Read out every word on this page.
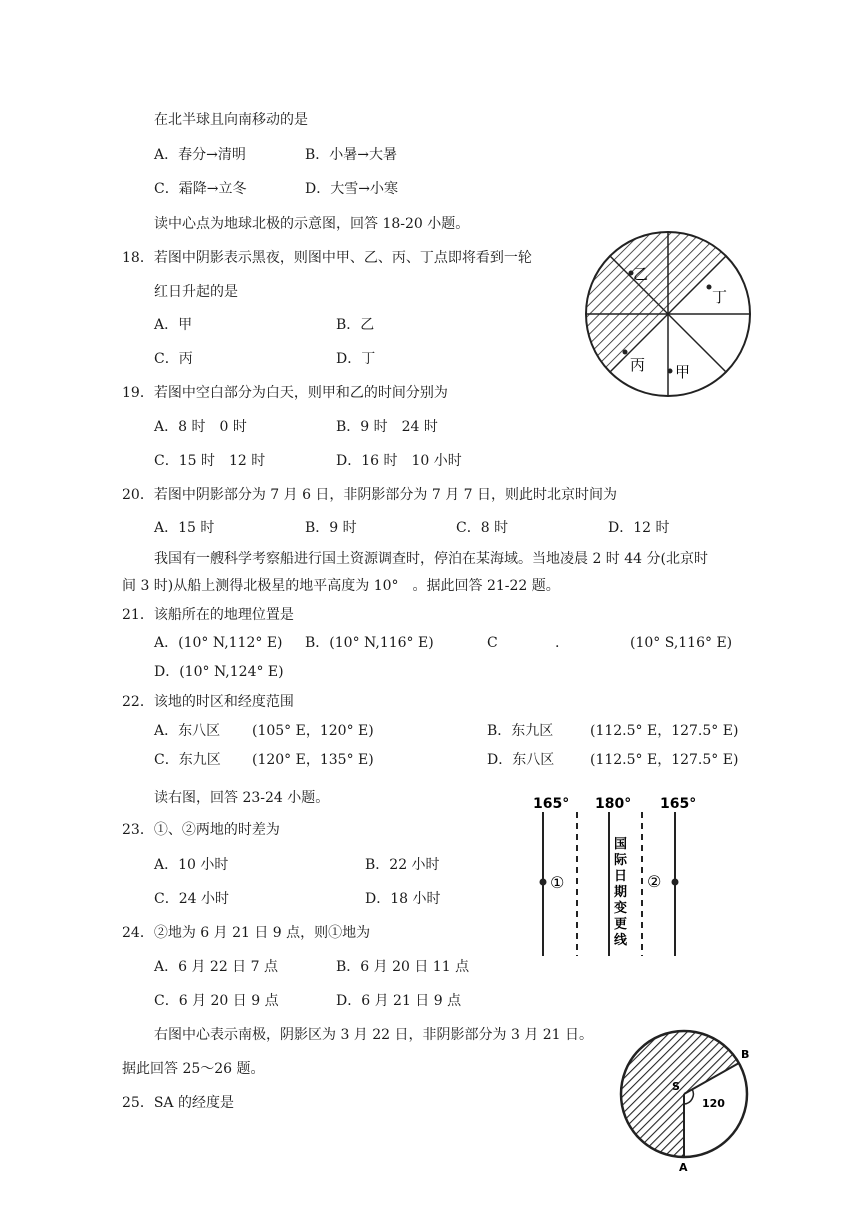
在北半球且向南移动的是
A．春分→清明	B．小暑→大暑
C．霜降→立冬	D．大雪→小寒
读中心点为地球北极的示意图，回答 18-20 小题。
18．若图中阴影表示黑夜，则图中甲、乙、丙、丁点即将看到一轮
红日升起的是
A．甲	B．乙
C．丙	D．丁
19．若图中空白部分为白天，则甲和乙的时间分别为
A．8 时　0 时	B．9 时　24 时
C．15 时　12 时	D．16 时　10 小时
20．若图中阴影部分为 7 月 6 日，非阴影部分为 7 月 7 日，则此时北京时间为
A．15 时	B．9 时	C．8 时	D．12 时
我国有一艘科学考察船进行国土资源调查时，停泊在某海域。当地凌晨 2 时 44 分(北京时
间 3 时)从船上测得北极星的地平高度为 10°　。据此回答 21-22 题。
21．该船所在的地理位置是
A．(10° N,112° E) B．(10° N,116° E)	C	.	(10° S,116° E)
D．(10° N,124° E)
22．该地的时区和经度范围
A．东八区 (105° E，120° E)	B．东九区	(112.5° E，127.5° E)
C．东九区 (120° E，135° E)	D．东八区	(112.5° E，127.5° E)
读右图，回答 23-24 小题。
23．①、②两地的时差为
A．10 小时	B．22 小时
C．24 小时	D．18 小时
24．②地为 6 月 21 日 9 点，则①地为
A．6 月 22 日 7 点	B．6 月 20 日 11 点
C．6 月 20 日 9 点	D．6 月 21 日 9 点
右图中心表示南极，阴影区为 3 月 22 日，非阴影部分为 3 月 21 日。
据此回答 25～26 题。
25．SA 的经度是
乙
丁
丙 甲
165° 180° 165°
国
际
日
期
变
更
线
①	②
S
120
B
A
